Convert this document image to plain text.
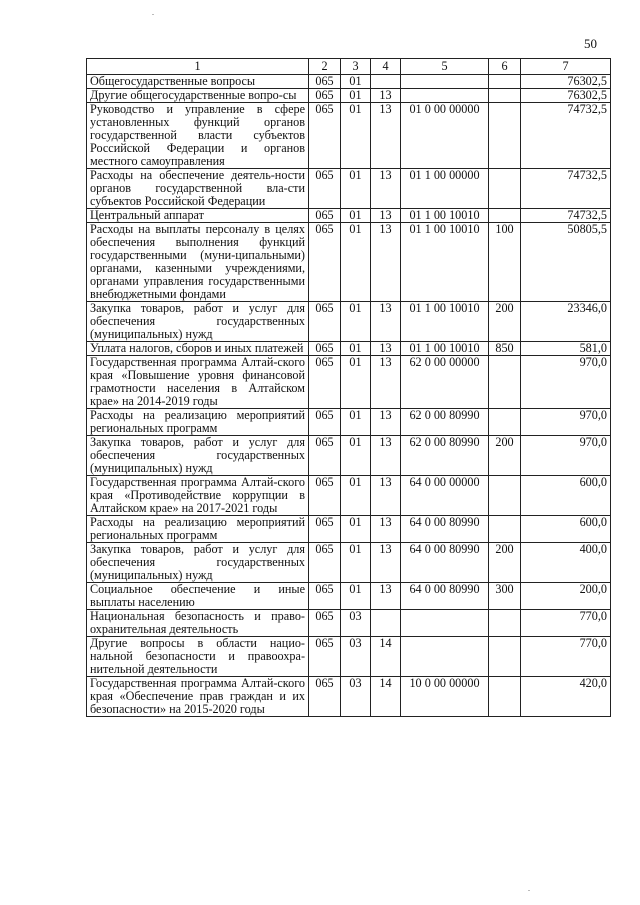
50
1	2	3	4	5	6	7
Общегосударственные вопросы	065	01				76302,5
Другие общегосударственные вопро-сы	065	01	13			76302,5
Руководство и управление в сфере установленных функций органов государственной власти субъектов Российской Федерации и органов местного самоуправления	065	01	13	01 0 00 00000		74732,5
Расходы на обеспечение деятель-ности органов государственной вла-сти субъектов Российской Федерации	065	01	13	01 1 00 00000		74732,5
Центральный аппарат	065	01	13	01 1 00 10010		74732,5
Расходы на выплаты персоналу в целях обеспечения выполнения функций государственными (муни-ципальными) органами, казенными учреждениями, органами управления государственными внебюджетными фондами	065	01	13	01 1 00 10010	100	50805,5
Закупка товаров, работ и услуг для обеспечения государственных (муниципальных) нужд	065	01	13	01 1 00 10010	200	23346,0
Уплата налогов, сборов и иных платежей	065	01	13	01 1 00 10010	850	581,0
Государственная программа Алтай-ского края «Повышение уровня финансовой грамотности населения в Алтайском крае» на 2014-2019 годы	065	01	13	62 0 00 00000		970,0
Расходы на реализацию мероприятий региональных программ	065	01	13	62 0 00 80990		970,0
Закупка товаров, работ и услуг для обеспечения государственных (муниципальных) нужд	065	01	13	62 0 00 80990	200	970,0
Государственная программа Алтай-ского края «Противодействие коррупции в Алтайском крае» на 2017-2021 годы	065	01	13	64 0 00 00000		600,0
Расходы на реализацию мероприятий региональных программ	065	01	13	64 0 00 80990		600,0
Закупка товаров, работ и услуг для обеспечения государственных (муниципальных) нужд	065	01	13	64 0 00 80990	200	400,0
Социальное обеспечение и иные выплаты населению	065	01	13	64 0 00 80990	300	200,0
Национальная безопасность и право-охранительная деятельность	065	03				770,0
Другие вопросы в области нацио-нальной безопасности и правоохра-нительной деятельности	065	03	14			770,0
Государственная программа Алтай-ского края «Обеспечение прав граждан и их безопасности» на 2015-2020 годы	065	03	14	10 0 00 00000		420,0
